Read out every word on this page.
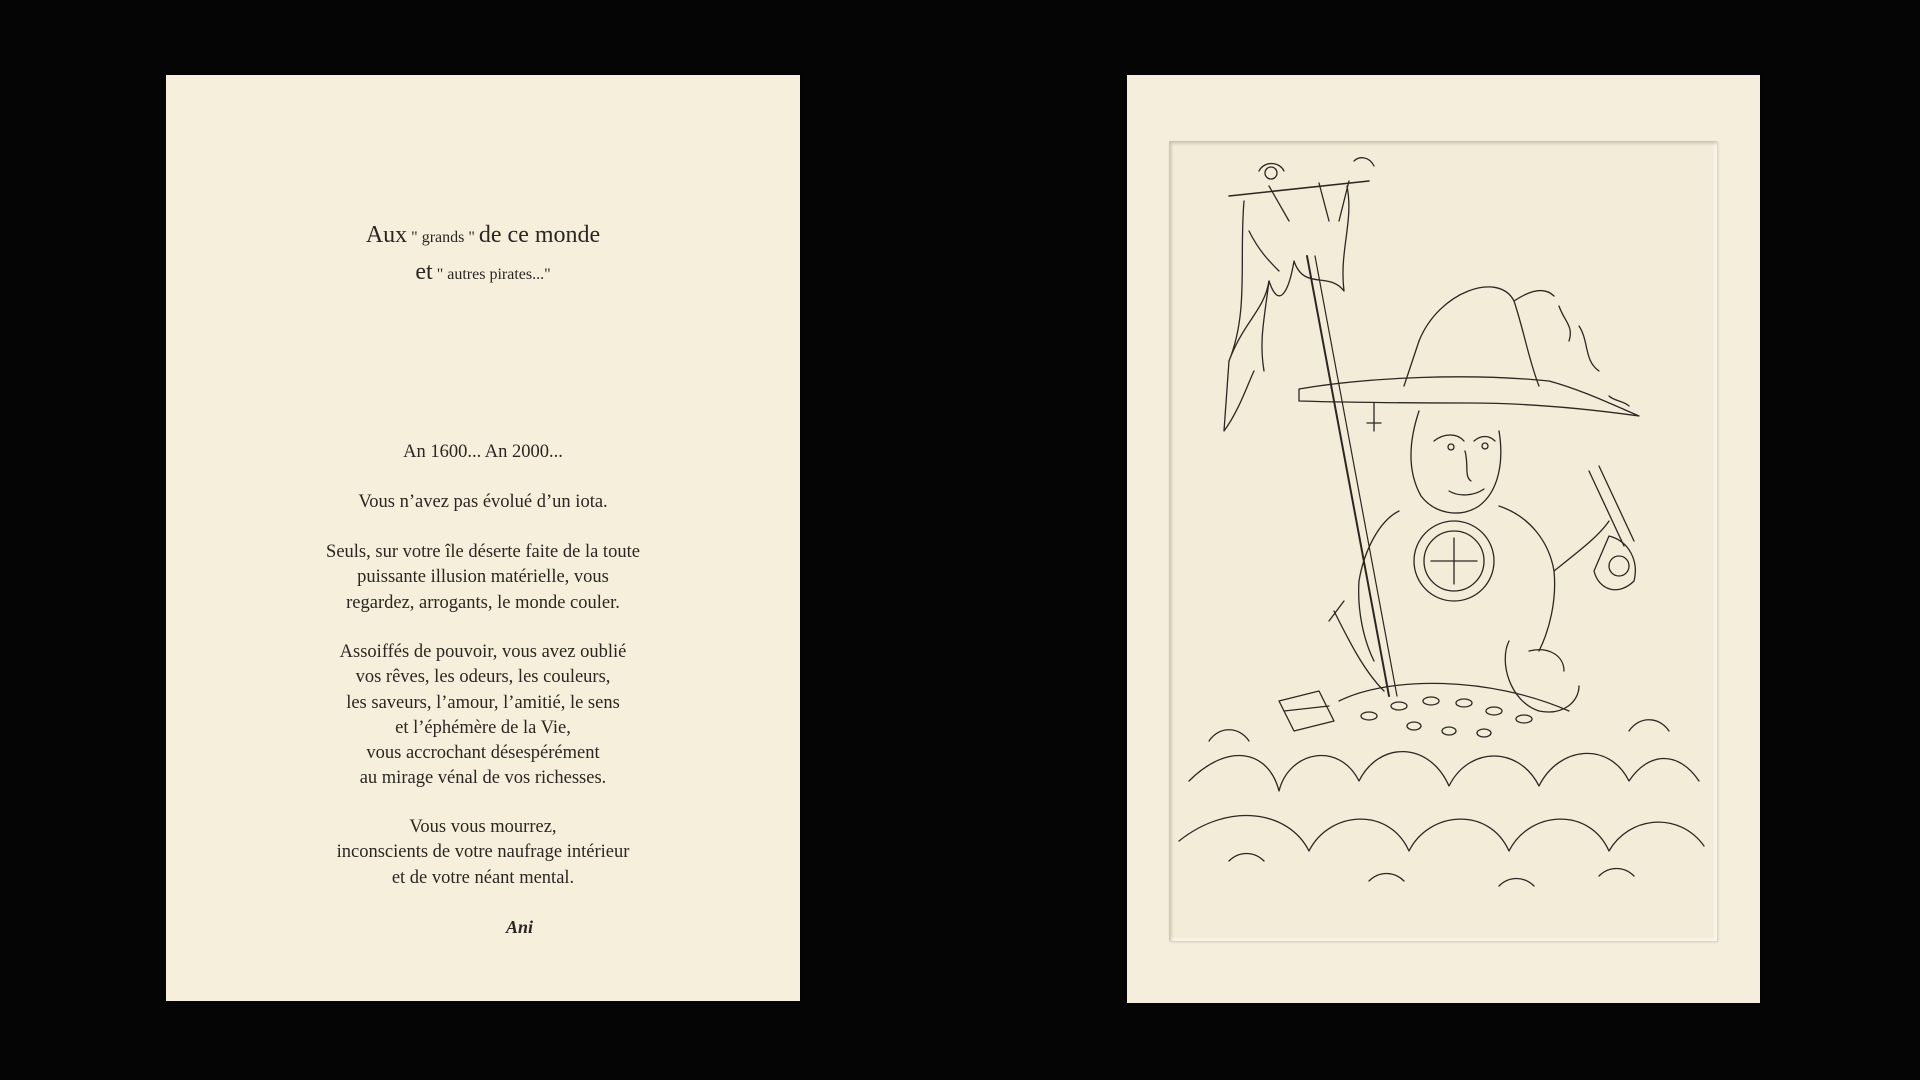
Aux " grands " de ce monde
et " autres pirates..."
An 1600... An 2000...
Vous n’avez pas évolué d’un iota.
Seuls, sur votre île déserte faite de la toute
puissante illusion matérielle, vous
regardez, arrogants, le monde couler.
Assoiffés de pouvoir, vous avez oublié
vos rêves, les odeurs, les couleurs,
les saveurs, l’amour, l’amitié, le sens
et l’éphémère de la Vie,
vous accrochant désespérément
au mirage vénal de vos richesses.
Vous vous mourrez,
inconscients de votre naufrage intérieur
et de votre néant mental.
Ani
